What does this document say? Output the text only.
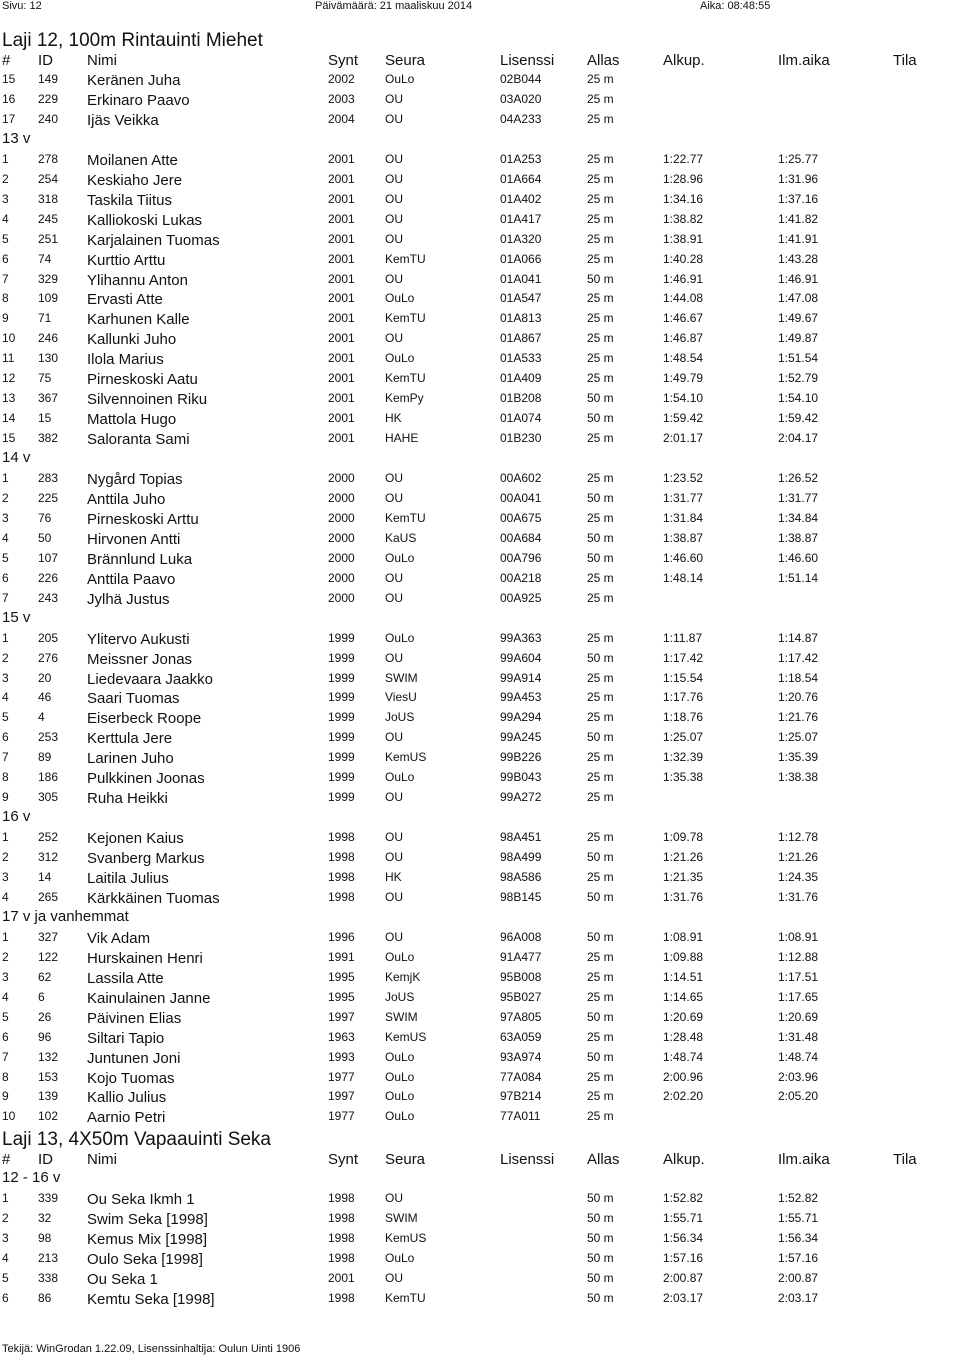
Sivu: 12	Päivämäärä: 21 maaliskuu 2014	Aika: 08:48:55
Laji 12, 100m Rintauinti Miehet
# ID Nimi	Synt Seura	Lisenssi Allas	Alkup.	Ilm.aika	Tila
15 149 Keränen Juha	2002	OuLo	02B044	25 m
16 229 Erkinaro Paavo	2003	OU	03A020	25 m
17 240 Ijäs Veikka	2004	OU	04A233	25 m
13 v
1 278 Moilanen Atte	2001	OU	01A253	25 m	1:22.77	1:25.77
2 254 Keskiaho Jere	2001	OU	01A664	25 m	1:28.96	1:31.96
3 318 Taskila Tiitus	2001	OU	01A402	25 m	1:34.16	1:37.16
4 245 Kalliokoski Lukas	2001	OU	01A417	25 m	1:38.82	1:41.82
5 251 Karjalainen Tuomas	2001	OU	01A320	25 m	1:38.91	1:41.91
6 74 Kurttio Arttu	2001	KemTU	01A066	25 m	1:40.28	1:43.28
7 329 Ylihannu Anton	2001	OU	01A041	50 m	1:46.91	1:46.91
8 109 Ervasti Atte	2001	OuLo	01A547	25 m	1:44.08	1:47.08
9 71 Karhunen Kalle	2001	KemTU	01A813	25 m	1:46.67	1:49.67
10 246 Kallunki Juho	2001	OU	01A867	25 m	1:46.87	1:49.87
11 130 Ilola Marius	2001	OuLo	01A533	25 m	1:48.54	1:51.54
12 75 Pirneskoski Aatu	2001	KemTU	01A409	25 m	1:49.79	1:52.79
13 367 Silvennoinen Riku	2001	KemPy	01B208	50 m	1:54.10	1:54.10
14 15 Mattola Hugo	2001	HK	01A074	50 m	1:59.42	1:59.42
15 382 Saloranta Sami	2001	HAHE	01B230	25 m	2:01.17	2:04.17
14 v
1 283 Nygård Topias	2000	OU	00A602	25 m	1:23.52	1:26.52
2 225 Anttila Juho	2000	OU	00A041	50 m	1:31.77	1:31.77
3 76 Pirneskoski Arttu	2000	KemTU	00A675	25 m	1:31.84	1:34.84
4 50 Hirvonen Antti	2000	KaUS	00A684	50 m	1:38.87	1:38.87
5 107 Brännlund Luka	2000	OuLo	00A796	50 m	1:46.60	1:46.60
6 226 Anttila Paavo	2000	OU	00A218	25 m	1:48.14	1:51.14
7 243 Jylhä Justus	2000	OU	00A925	25 m
15 v
1 205 Ylitervo Aukusti	1999	OuLo	99A363	25 m	1:11.87	1:14.87
2 276 Meissner Jonas	1999	OU	99A604	50 m	1:17.42	1:17.42
3 20 Liedevaara Jaakko	1999	SWIM	99A914	25 m	1:15.54	1:18.54
4 46 Saari Tuomas	1999	ViesU	99A453	25 m	1:17.76	1:20.76
5 4	Eiserbeck Roope	1999	JoUS	99A294	25 m	1:18.76	1:21.76
6 253 Kerttula Jere	1999	OU	99A245	50 m	1:25.07	1:25.07
7 89 Larinen Juho	1999	KemUS	99B226	25 m	1:32.39	1:35.39
8 186 Pulkkinen Joonas	1999	OuLo	99B043	25 m	1:35.38	1:38.38
9 305 Ruha Heikki	1999	OU	99A272	25 m
16 v
1 252 Kejonen Kaius	1998	OU	98A451	25 m	1:09.78	1:12.78
2 312 Svanberg Markus	1998	OU	98A499	50 m	1:21.26	1:21.26
3 14 Laitila Julius	1998	HK	98A586	25 m	1:21.35	1:24.35
4 265 Kärkkäinen Tuomas	1998	OU	98B145	50 m	1:31.76	1:31.76
17 v ja vanhemmat
1 327 Vik Adam	1996	OU	96A008	50 m	1:08.91	1:08.91
2 122 Hurskainen Henri	1991	OuLo	91A477	25 m	1:09.88	1:12.88
3 62 Lassila Atte	1995	KemjK	95B008	25 m	1:14.51	1:17.51
4 6	Kainulainen Janne	1995	JoUS	95B027	25 m	1:14.65	1:17.65
5 26 Päivinen Elias	1997	SWIM	97A805	50 m	1:20.69	1:20.69
6 96 Siltari Tapio	1963	KemUS	63A059	25 m	1:28.48	1:31.48
7 132 Juntunen Joni	1993	OuLo	93A974	50 m	1:48.74	1:48.74
8 153 Kojo Tuomas	1977	OuLo	77A084	25 m	2:00.96	2:03.96
9 139 Kallio Julius	1997	OuLo	97B214	25 m	2:02.20	2:05.20
10 102 Aarnio Petri	1977	OuLo	77A011	25 m
Laji 13, 4X50m Vapaauinti Seka
# ID Nimi	Synt Seura	Lisenssi Allas	Alkup.	Ilm.aika	Tila
12 - 16 v
1 339 Ou Seka Ikmh 1	1998	OU	50 m	1:52.82	1:52.82
2 32 Swim Seka [1998]	1998	SWIM	50 m	1:55.71	1:55.71
3 98 Kemus Mix [1998]	1998	KemUS	50 m	1:56.34	1:56.34
4 213 Oulo Seka [1998]	1998	OuLo	50 m	1:57.16	1:57.16
5 338 Ou Seka 1	2001	OU	50 m	2:00.87	2:00.87
6 86 Kemtu Seka [1998]	1998	KemTU	50 m	2:03.17	2:03.17
Tekijä: WinGrodan 1.22.09, Lisenssinhaltija: Oulun Uinti 1906
